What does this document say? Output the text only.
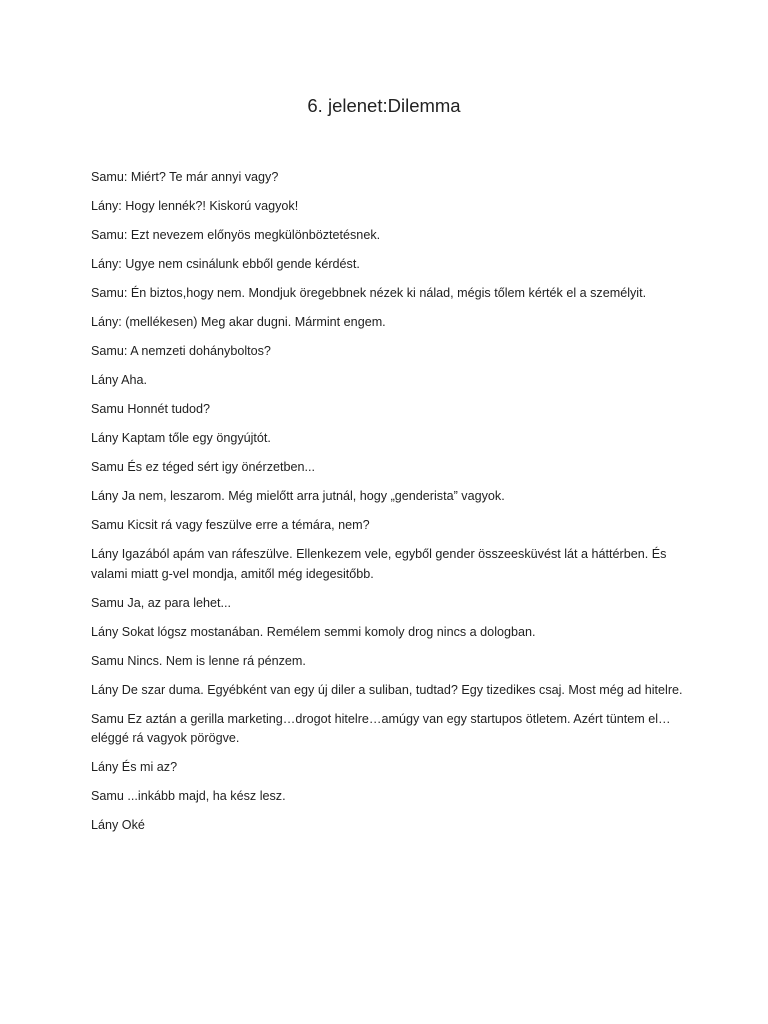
6. jelenet:Dilemma
Samu: Miért? Te már annyi vagy?
Lány: Hogy lennék?! Kiskorú vagyok!
Samu: Ezt nevezem előnyös megkülönböztetésnek.
Lány: Ugye nem csinálunk ebből gende kérdést.
Samu: Én biztos,hogy nem. Mondjuk öregebbnek nézek ki nálad, mégis tőlem kérték el a személyit.
Lány: (mellékesen) Meg akar dugni. Mármint engem.
Samu: A nemzeti dohányboltos?
Lány Aha.
Samu Honnét tudod?
Lány Kaptam tőle egy öngyújtót.
Samu És ez téged sért igy önérzetben...
Lány Ja nem, leszarom. Még mielőtt arra jutnál, hogy „genderista” vagyok.
Samu Kicsit rá vagy feszülve erre a témára, nem?
Lány Igazából apám van ráfeszülve. Ellenkezem vele, egyből gender összeesküvést lát a háttérben. És valami miatt g-vel mondja, amitől még idegesitőbb.
Samu Ja, az para lehet...
Lány Sokat lógsz mostanában. Remélem semmi komoly drog nincs a dologban.
Samu Nincs. Nem is lenne rá pénzem.
Lány De szar duma. Egyébként van egy új diler a suliban, tudtad? Egy tizedikes csaj. Most még ad hitelre.
Samu Ez aztán a gerilla marketing…drogot hitelre…amúgy van egy startupos ötletem. Azért tüntem el…eléggé rá vagyok pörögve.
Lány És mi az?
Samu ...inkább majd, ha kész lesz.
Lány Oké
